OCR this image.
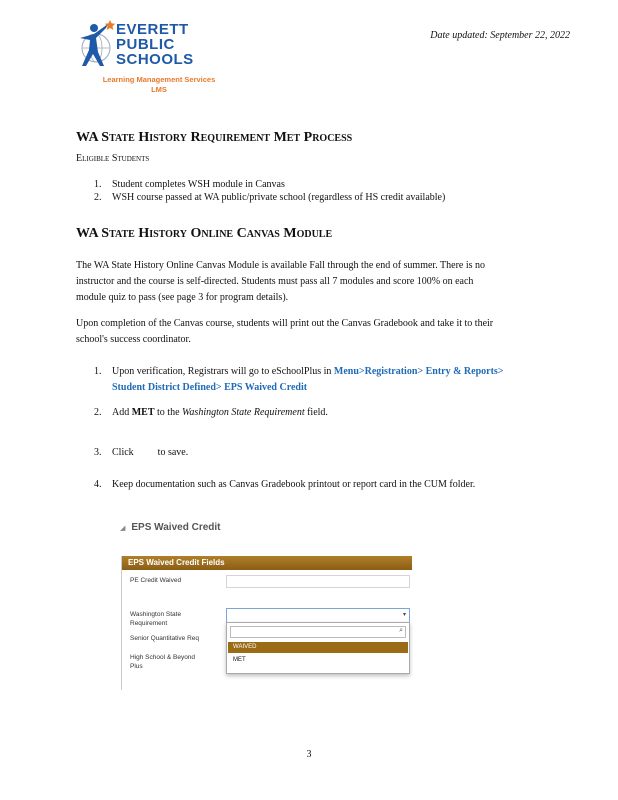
EVERETT
PUBLIC
SCHOOLS
Learning Management Services
LMS
Date updated: September 22, 2022
WA State History Requirement Met Process
Eligible Students
1. Student completes WSH module in Canvas
2. WSH course passed at WA public/private school (regardless of HS credit available)
WA State History Online Canvas Module
The WA State History Online Canvas Module is available Fall through the end of summer. There is no
instructor and the course is self-directed. Students must pass all 7 modules and score 100% on each
module quiz to pass (see page 3 for program details).
Upon completion of the Canvas course, students will print out the Canvas Gradebook and take it to their
school's success coordinator.
1. Upon verification, Registrars will go to eSchoolPlus in Menu>Registration> Entry & Reports>
Student District Defined> EPS Waived Credit
2. Add MET to the Washington State Requirement field.
3. Click to save.
4. Keep documentation such as Canvas Gradebook printout or report card in the CUM folder.
◢ EPS Waived Credit
EPS Waived Credit Fields
PE Credit Waived
Washington State
Requirement
▾
Senior Quantitative Req
High School & Beyond
Plus
⌕
WAIVED
MET
3
